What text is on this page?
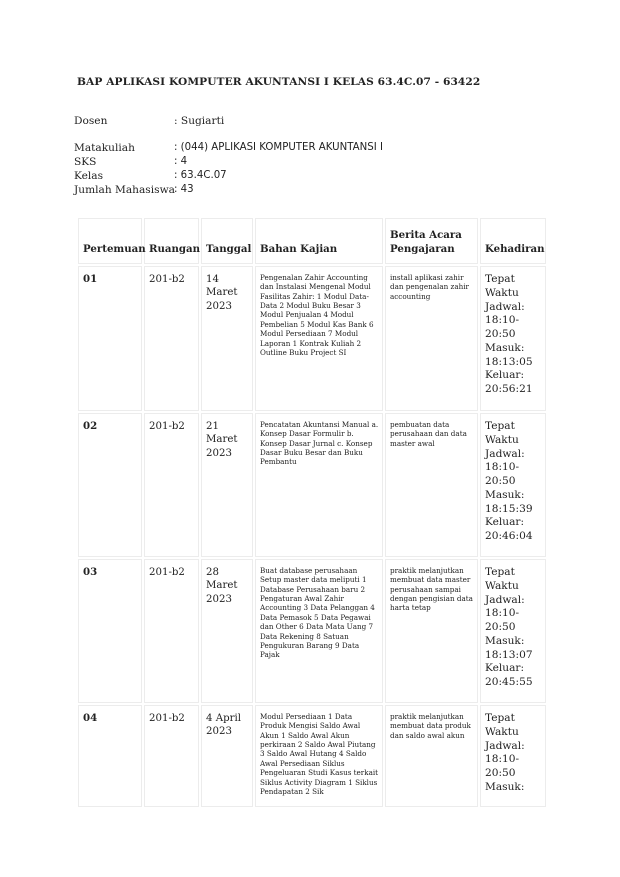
BAP APLIKASI KOMPUTER AKUNTANSI I KELAS 63.4C.07 - 63422
Dosen	: Sugiarti
Matakuliah	: (044) APLIKASI KOMPUTER AKUNTANSI I
SKS	: 4
Kelas	: 63.4C.07
Jumlah Mahasiswa : 43
Pertemuan	Ruangan	Tanggal	Bahan Kajian	Berita Acara Pengajaran	Kehadiran
01	201-b2	14 Maret 2023	Pengenalan Zahir Accounting dan Instalasi Mengenal Modul Fasilitas Zahir: 1 Modul Data-Data 2 Modul Buku Besar 3 Modul Penjualan 4 Modul Pembelian 5 Modul Kas Bank 6 Modul Persediaan 7 Modul Laporan 1 Kontrak Kuliah 2 Outline Buku Project SI	install aplikasi zahir dan pengenalan zahir accounting	Tepat Waktu Jadwal: 18:10-20:50 Masuk: 18:13:05 Keluar: 20:56:21
02	201-b2	21 Maret 2023	Pencatatan Akuntansi Manual a. Konsep Dasar Formulir b. Konsep Dasar Jurnal c. Konsep Dasar Buku Besar dan Buku Pembantu	pembuatan data perusahaan dan data master awal	Tepat Waktu Jadwal: 18:10-20:50 Masuk: 18:15:39 Keluar: 20:46:04
03	201-b2	28 Maret 2023	Buat database perusahaan Setup master data meliputi 1 Database Perusahaan baru 2 Pengaturan Awal Zahir Accounting 3 Data Pelanggan 4 Data Pemasok 5 Data Pegawai dan Other 6 Data Mata Uang 7 Data Rekening 8 Satuan Pengukuran Barang 9 Data Pajak	praktik melanjutkan membuat data master perusahaan sampai dengan pengisian data harta tetap	Tepat Waktu Jadwal: 18:10-20:50 Masuk: 18:13:07 Keluar: 20:45:55
04	201-b2	4 April 2023	Modul Persediaan 1 Data Produk Mengisi Saldo Awal Akun 1 Saldo Awal Akun perkiraan 2 Saldo Awal Piutang 3 Saldo Awal Hutang 4 Saldo Awal Persediaan Siklus Pengeluaran Studi Kasus terkait Siklus Activity Diagram 1 Siklus Pendapatan 2 Sik	praktik melanjutkan membuat data produk dan saldo awal akun	Tepat Waktu Jadwal: 18:10-20:50 Masuk:
